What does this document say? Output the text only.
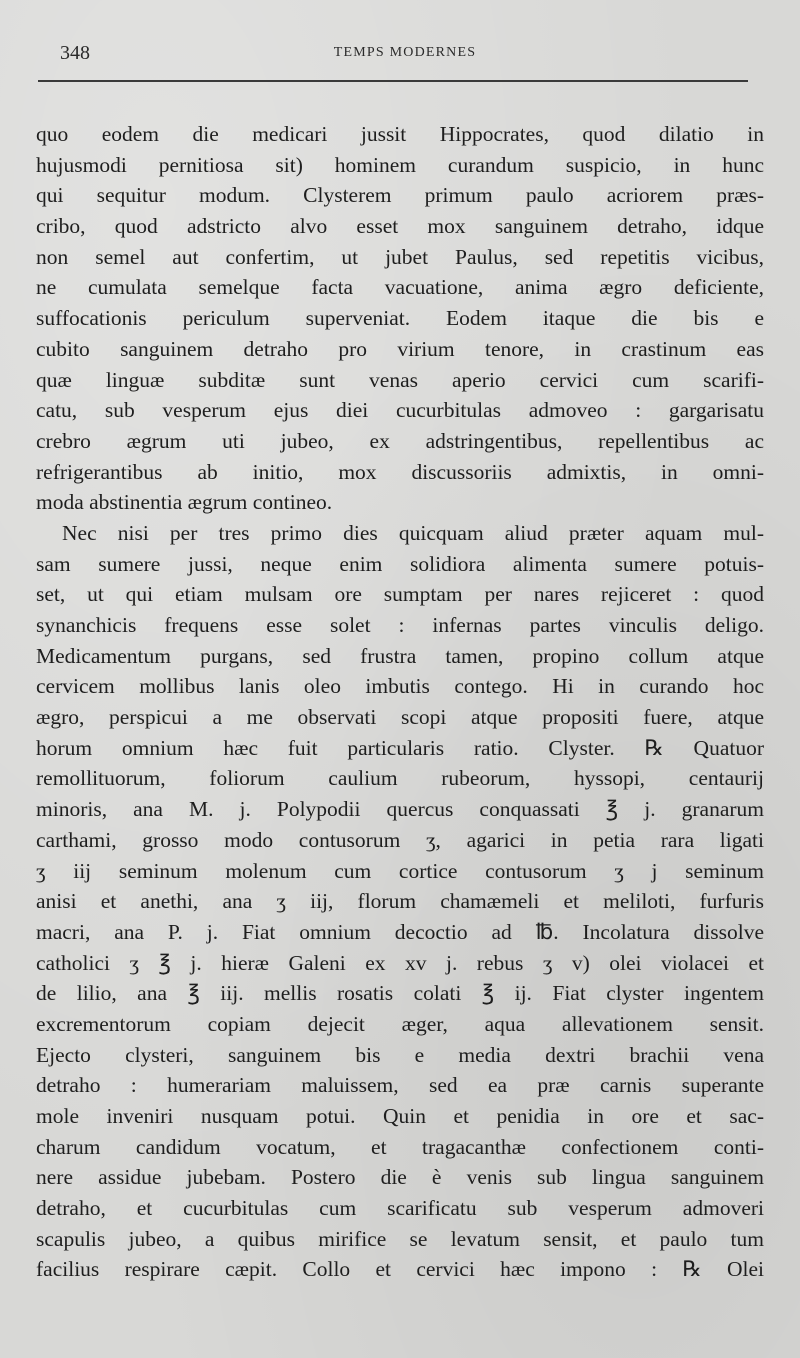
348	TEMPS MODERNES
quo eodem die medicari jussit Hippocrates, quod dilatio in
hujusmodi pernitiosa sit) hominem curandum suspicio, in hunc
qui sequitur modum. Clysterem primum paulo acriorem præs-
cribo, quod adstricto alvo esset mox sanguinem detraho, idque
non semel aut confertim, ut jubet Paulus, sed repetitis vicibus,
ne cumulata semelque facta vacuatione, anima ægro deficiente,
suffocationis periculum superveniat. Eodem itaque die bis e
cubito sanguinem detraho pro virium tenore, in crastinum eas
quæ linguæ subditæ sunt venas aperio cervici cum scarifi-
catu, sub vesperum ejus diei cucurbitulas admoveo : gargarisatu
crebro ægrum uti jubeo, ex adstringentibus, repellentibus ac
refrigerantibus ab initio, mox discussoriis admixtis, in omni-
moda abstinentia ægrum contineo.
Nec nisi per tres primo dies quicquam aliud præter aquam mul-
sam sumere jussi, neque enim solidiora alimenta sumere potuis-
set, ut qui etiam mulsam ore sumptam per nares rejiceret : quod
synanchicis frequens esse solet : infernas partes vinculis deligo.
Medicamentum purgans, sed frustra tamen, propino collum atque
cervicem mollibus lanis oleo imbutis contego. Hi in curando hoc
ægro, perspicui a me observati scopi atque propositi fuere, atque
horum omnium hæc fuit particularis ratio. Clyster. ℞ Quatuor
remollituorum, foliorum caulium rubeorum, hyssopi, centaurij
minoris, ana M. j. Polypodii quercus conquassati ℥ j. granarum
carthami, grosso modo contusorum ʒ, agarici in petia rara ligati
ʒ iij seminum molenum cum cortice contusorum ʒ j seminum
anisi et anethi, ana ʒ iij, florum chamæmeli et meliloti, furfuris
macri, ana P. j. Fiat omnium decoctio ad ℔. Incolatura dissolve
catholici ʒ ℥ j. hieræ Galeni ex xv j. rebus ʒ v) olei violacei et
de lilio, ana ℥ iij. mellis rosatis colati ℥ ij. Fiat clyster ingentem
excrementorum copiam dejecit æger, aqua allevationem sensit.
Ejecto clysteri, sanguinem bis e media dextri brachii vena
detraho : humerariam maluissem, sed ea præ carnis superante
mole inveniri nusquam potui. Quin et penidia in ore et sac-
charum candidum vocatum, et tragacanthæ confectionem conti-
nere assidue jubebam. Postero die è venis sub lingua sanguinem
detraho, et cucurbitulas cum scarificatu sub vesperum admoveri
scapulis jubeo, a quibus mirifice se levatum sensit, et paulo tum
facilius respirare cæpit. Collo et cervici hæc impono : ℞ Olei
